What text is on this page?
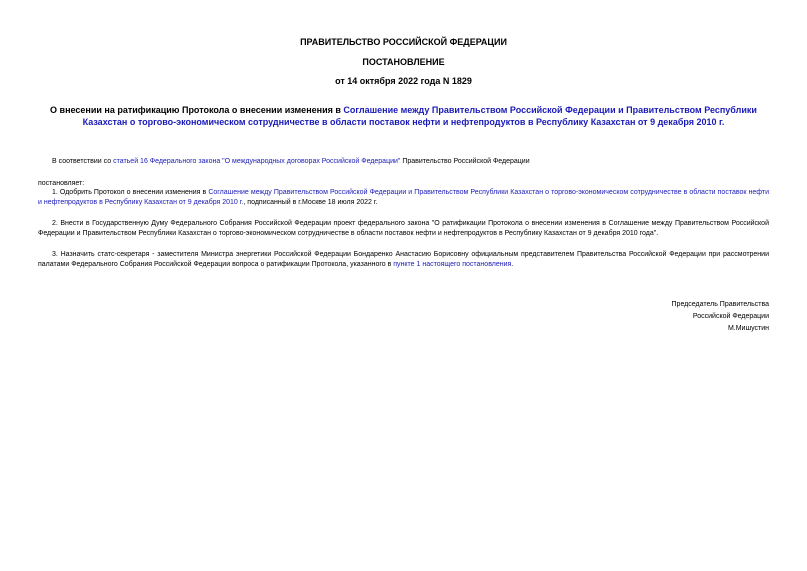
ПРАВИТЕЛЬСТВО РОССИЙСКОЙ ФЕДЕРАЦИИ
ПОСТАНОВЛЕНИЕ
от 14 октября 2022 года N 1829
О внесении на ратификацию Протокола о внесении изменения в Соглашение между Правительством Российской Федерации и Правительством Республики Казахстан о торгово-экономическом сотрудничестве в области поставок нефти и нефтепродуктов в Республику Казахстан от 9 декабря 2010 г.
В соответствии со статьей 16 Федерального закона "О международных договорах Российской Федерации" Правительство Российской Федерации
постановляет:
1. Одобрить Протокол о внесении изменения в Соглашение между Правительством Российской Федерации и Правительством Республики Казахстан о торгово-экономическом сотрудничестве в области поставок нефти и нефтепродуктов в Республику Казахстан от 9 декабря 2010 г., подписанный в г.Москве 18 июля 2022 г.
2. Внести в Государственную Думу Федерального Собрания Российской Федерации проект федерального закона "О ратификации Протокола о внесении изменения в Соглашение между Правительством Российской Федерации и Правительством Республики Казахстан о торгово-экономическом сотрудничестве в области поставок нефти и нефтепродуктов в Республику Казахстан от 9 декабря 2010 года".
3. Назначить статс-секретаря - заместителя Министра энергетики Российской Федерации Бондаренко Анастасию Борисовну официальным представителем Правительства Российской Федерации при рассмотрении палатами Федерального Собрания Российской Федерации вопроса о ратификации Протокола, указанного в пункте 1 настоящего постановления.
Председатель Правительства
Российской Федерации
М.Мишустин
